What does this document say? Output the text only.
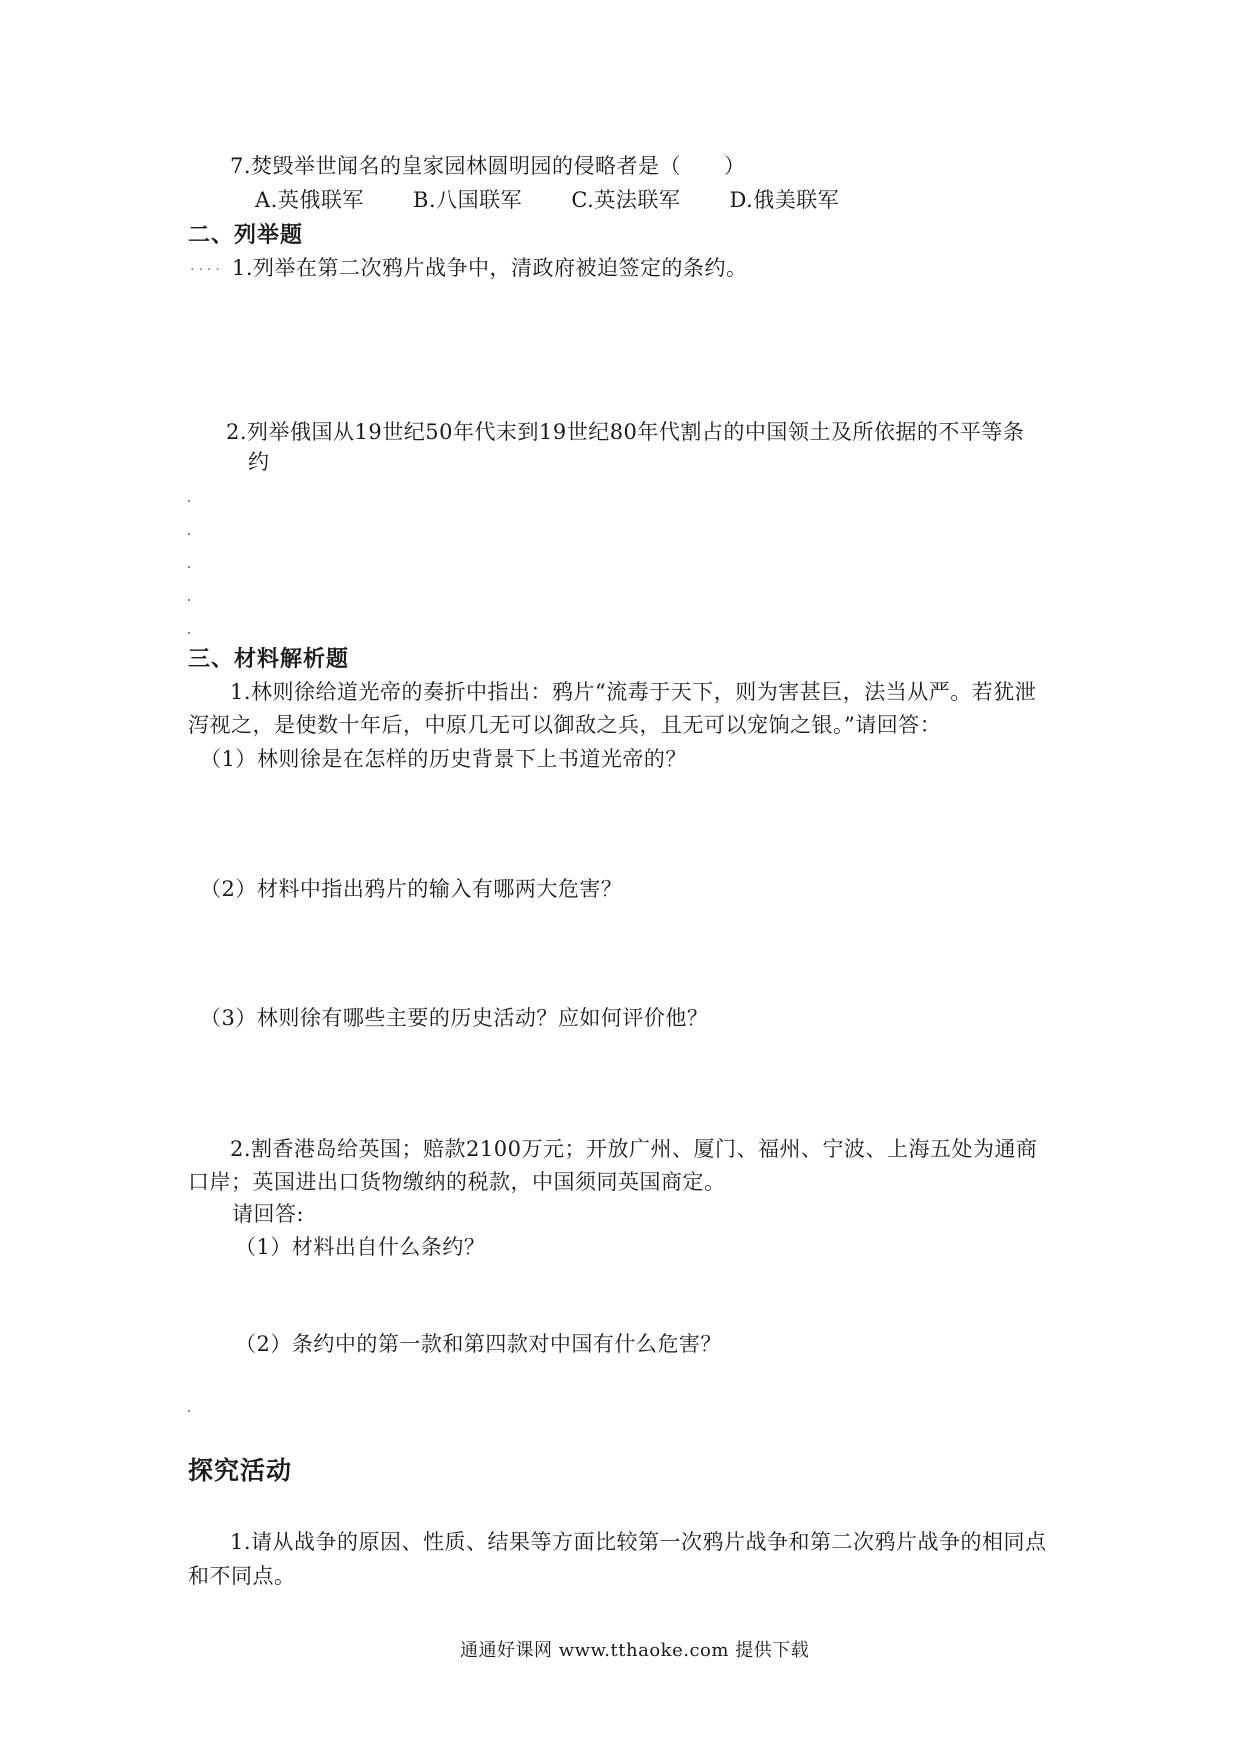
7.焚毁举世闻名的皇家园林圆明园的侵略者是（　　）
A.英俄联军 B.八国联军 C.英法联军 D.俄美联军
二、列举题
.... 1.列举在第二次鸦片战争中，清政府被迫签定的条约。
2.列举俄国从19世纪50年代末到19世纪80年代割占的中国领土及所依据的不平等条
约
三、材料解析题
1.林则徐给道光帝的奏折中指出：鸦片“流毒于天下，则为害甚巨，法当从严。若犹泄
泻视之，是使数十年后，中原几无可以御敌之兵，且无可以宠饷之银。”请回答：
（1）林则徐是在怎样的历史背景下上书道光帝的？
（2）材料中指出鸦片的输入有哪两大危害？
（3）林则徐有哪些主要的历史活动？应如何评价他？
2.割香港岛给英国；赔款2100万元；开放广州、厦门、福州、宁波、上海五处为通商
口岸；英国进出口货物缴纳的税款，中国须同英国商定。
请回答:
（1）材料出自什么条约？
（2）条约中的第一款和第四款对中国有什么危害？
探究活动
1.请从战争的原因、性质、结果等方面比较第一次鸦片战争和第二次鸦片战争的相同点
和不同点。
通通好课网 www.tthaoke.com 提供下载
